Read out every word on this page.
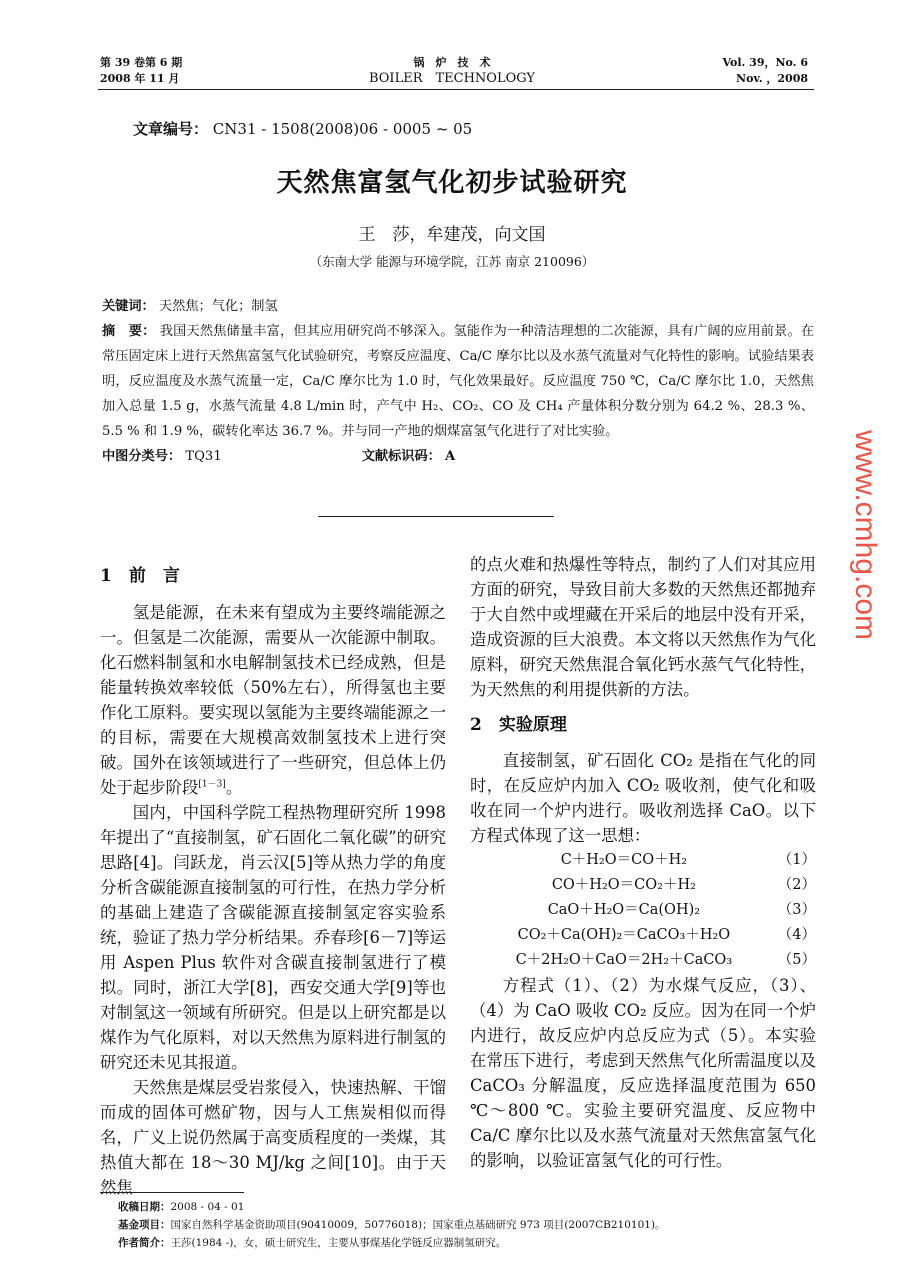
第 39 卷第 6 期
2008 年 11 月
锅　炉　技　术
BOILER　TECHNOLOGY
Vol. 39，No. 6
Nov. ，2008
文章编号： CN31 - 1508(2008)06 - 0005 ~ 05
天然焦富氢气化初步试验研究
王　莎，牟建茂，向文国
（东南大学 能源与环境学院，江苏 南京 210096）

关键词： 天然焦；气化；制氢

摘　要： 我国天然焦储量丰富，但其应用研究尚不够深入。氢能作为一种清洁理想的二次能源，具有广阔的应用前景。在常压固定床上进行天然焦富氢气化试验研究，考察反应温度、Ca/C 摩尔比以及水蒸气流量对气化特性的影响。试验结果表明，反应温度及水蒸气流量一定，Ca/C 摩尔比为 1.0 时，气化效果最好。反应温度 750 ℃，Ca/C 摩尔比 1.0，天然焦加入总量 1.5 g，水蒸气流量 4.8 L/min 时，产气中 H₂、CO₂、CO 及 CH₄ 产量体积分数分别为 64.2 %、28.3 %、5.5 % 和 1.9 %，碳转化率达 36.7 %。并与同一产地的烟煤富氢气化进行了对比实验。

中图分类号： TQ31	文献标识码： A

1　前　言

氢是能源，在未来有望成为主要终端能源之一。但氢是二次能源，需要从一次能源中制取。化石燃料制氢和水电解制氢技术已经成熟，但是能量转换效率较低（50%左右），所得氢也主要作化工原料。要实现以氢能为主要终端能源之一的目标，需要在大规模高效制氢技术上进行突破。国外在该领域进行了一些研究，但总体上仍处于起步阶段[1－3]。

国内，中国科学院工程热物理研究所 1998 年提出了“直接制氢，矿石固化二氧化碳”的研究思路[4]。闫跃龙，肖云汉[5]等从热力学的角度分析含碳能源直接制氢的可行性，在热力学分析的基础上建造了含碳能源直接制氢定容实验系统，验证了热力学分析结果。乔春珍[6－7]等运用 Aspen Plus 软件对含碳直接制氢进行了模拟。同时，浙江大学[8]，西安交通大学[9]等也对制氢这一领域有所研究。但是以上研究都是以煤作为气化原料，对以天然焦为原料进行制氢的研究还未见其报道。

天然焦是煤层受岩浆侵入，快速热解、干馏而成的固体可燃矿物，因与人工焦炭相似而得名，广义上说仍然属于高变质程度的一类煤，其热值大都在 18～30 MJ/kg 之间[10]。由于天然焦

的点火难和热爆性等特点，制约了人们对其应用方面的研究，导致目前大多数的天然焦还都抛弃于大自然中或埋藏在开采后的地层中没有开采，造成资源的巨大浪费。本文将以天然焦作为气化原料，研究天然焦混合氧化钙水蒸气气化特性，为天然焦的利用提供新的方法。

2　实验原理

直接制氢，矿石固化 CO₂ 是指在气化的同时，在反应炉内加入 CO₂ 吸收剂，使气化和吸收在同一个炉内进行。吸收剂选择 CaO。以下方程式体现了这一思想：

C＋H₂O＝CO＋H₂	（1）
CO＋H₂O＝CO₂＋H₂	（2）
CaO＋H₂O＝Ca(OH)₂	（3）
CO₂＋Ca(OH)₂＝CaCO₃＋H₂O	（4）
C＋2H₂O＋CaO＝2H₂＋CaCO₃	（5）

方程式（1）、（2）为水煤气反应，（3）、（4）为 CaO 吸收 CO₂ 反应。因为在同一个炉内进行，故反应炉内总反应为式（5）。本实验在常压下进行，考虑到天然焦气化所需温度以及 CaCO₃ 分解温度，反应选择温度范围为 650 ℃～800 ℃。实验主要研究温度、反应物中 Ca/C 摩尔比以及水蒸气流量对天然焦富氢气化的影响，以验证富氢气化的可行性。

收稿日期：2008 - 04 - 01
基金项目：国家自然科学基金资助项目(90410009，50776018)；国家重点基础研究 973 项目(2007CB210101)。
作者简介：王莎(1984 -)，女，硕士研究生，主要从事煤基化学链反应器制氢研究。
www.cmhg.com
